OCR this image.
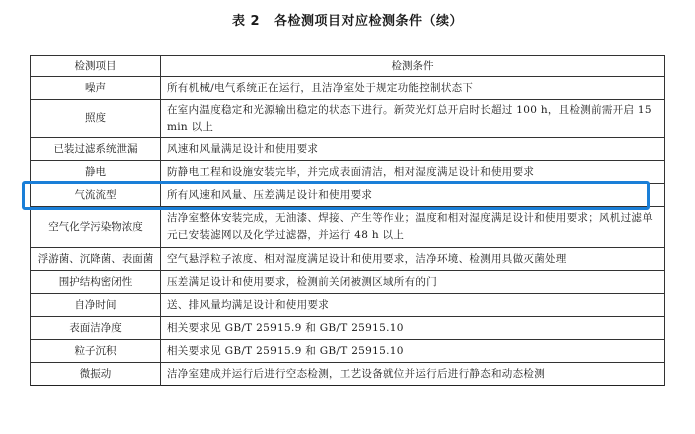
表 2 各检测项目对应检测条件（续）
检测项目	检测条件
噪声	所有机械/电气系统正在运行，且洁净室处于规定功能控制状态下
照度	在室内温度稳定和光源输出稳定的状态下进行。新荧光灯总开启时长超过 100 h，且检测前需开启 15 min 以上
已装过滤系统泄漏	风速和风量满足设计和使用要求
静电	防静电工程和设施安装完毕，并完成表面清洁，相对湿度满足设计和使用要求
气流流型	所有风速和风量、压差满足设计和使用要求
空气化学污染物浓度	洁净室整体安装完成，无油漆、焊接、产生等作业；温度和相对湿度满足设计和使用要求；风机过滤单元已安装滤网以及化学过滤器，并运行 48 h 以上
浮游菌、沉降菌、表面菌	空气悬浮粒子浓度、相对湿度满足设计和使用要求，洁净环境、检测用具做灭菌处理
围护结构密闭性	压差满足设计和使用要求，检测前关闭被测区域所有的门
自净时间	送、排风量均满足设计和使用要求
表面洁净度	相关要求见 GB/T 25915.9 和 GB/T 25915.10
粒子沉积	相关要求见 GB/T 25915.9 和 GB/T 25915.10
微振动	洁净室建成并运行后进行空态检测，工艺设备就位并运行后进行静态和动态检测
